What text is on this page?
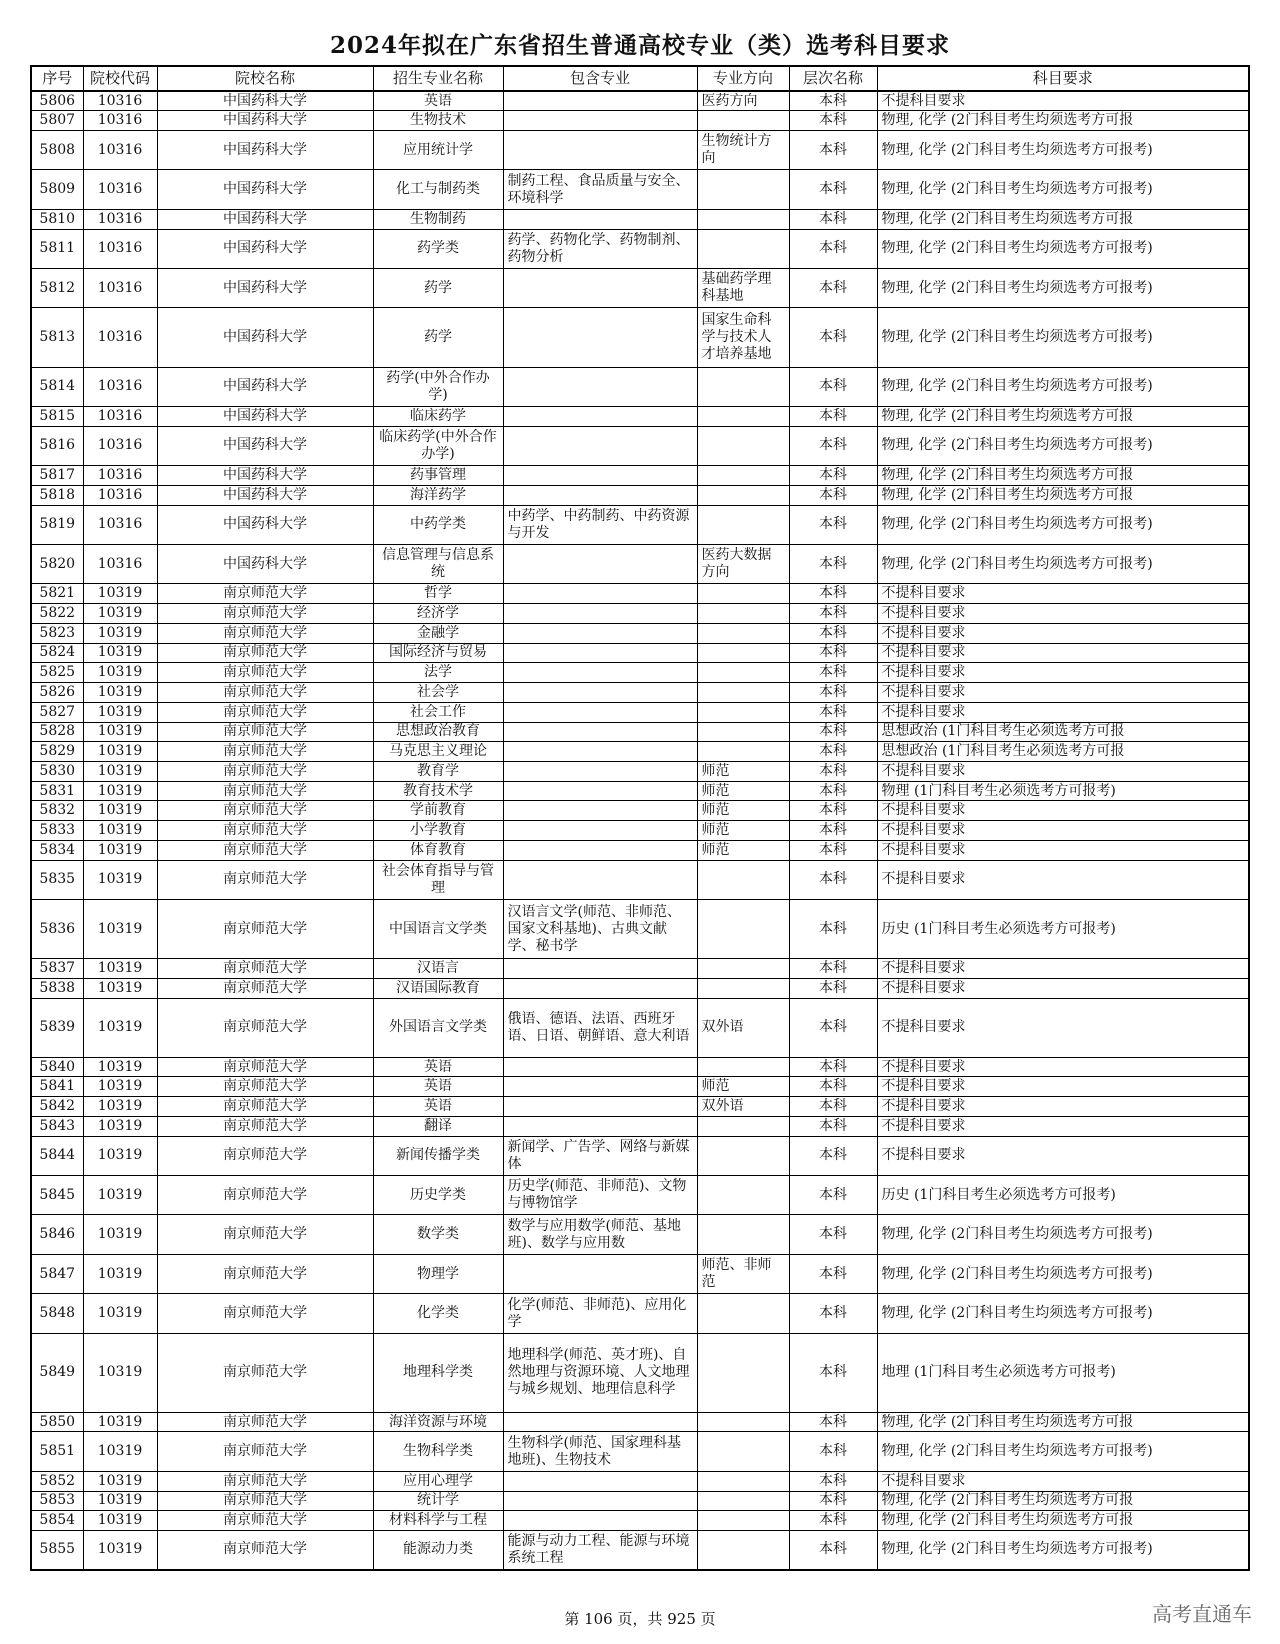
2024年拟在广东省招生普通高校专业（类）选考科目要求
序号	院校代码	院校名称	招生专业名称	包含专业	专业方向	层次名称	科目要求
5806	10316	中国药科大学	英语		医药方向	本科	不提科目要求
5807	10316	中国药科大学	生物技术			本科	物理, 化学 (2门科目考生均须选考方可报
5808	10316	中国药科大学	应用统计学		生物统计方向	本科	物理, 化学 (2门科目考生均须选考方可报考)
5809	10316	中国药科大学	化工与制药类	制药工程、食品质量与安全、环境科学		本科	物理, 化学 (2门科目考生均须选考方可报考)
5810	10316	中国药科大学	生物制药			本科	物理, 化学 (2门科目考生均须选考方可报
5811	10316	中国药科大学	药学类	药学、药物化学、药物制剂、药物分析		本科	物理, 化学 (2门科目考生均须选考方可报考)
5812	10316	中国药科大学	药学		基础药学理科基地	本科	物理, 化学 (2门科目考生均须选考方可报考)
5813	10316	中国药科大学	药学		国家生命科学与技术人才培养基地	本科	物理, 化学 (2门科目考生均须选考方可报考)
5814	10316	中国药科大学	药学(中外合作办学)			本科	物理, 化学 (2门科目考生均须选考方可报考)
5815	10316	中国药科大学	临床药学			本科	物理, 化学 (2门科目考生均须选考方可报
5816	10316	中国药科大学	临床药学(中外合作办学)			本科	物理, 化学 (2门科目考生均须选考方可报考)
5817	10316	中国药科大学	药事管理			本科	物理, 化学 (2门科目考生均须选考方可报
5818	10316	中国药科大学	海洋药学			本科	物理, 化学 (2门科目考生均须选考方可报
5819	10316	中国药科大学	中药学类	中药学、中药制药、中药资源与开发		本科	物理, 化学 (2门科目考生均须选考方可报考)
5820	10316	中国药科大学	信息管理与信息系统		医药大数据方向	本科	物理, 化学 (2门科目考生均须选考方可报考)
5821	10319	南京师范大学	哲学			本科	不提科目要求
5822	10319	南京师范大学	经济学			本科	不提科目要求
5823	10319	南京师范大学	金融学			本科	不提科目要求
5824	10319	南京师范大学	国际经济与贸易			本科	不提科目要求
5825	10319	南京师范大学	法学			本科	不提科目要求
5826	10319	南京师范大学	社会学			本科	不提科目要求
5827	10319	南京师范大学	社会工作			本科	不提科目要求
5828	10319	南京师范大学	思想政治教育			本科	思想政治 (1门科目考生必须选考方可报
5829	10319	南京师范大学	马克思主义理论			本科	思想政治 (1门科目考生必须选考方可报
5830	10319	南京师范大学	教育学		师范	本科	不提科目要求
5831	10319	南京师范大学	教育技术学		师范	本科	物理 (1门科目考生必须选考方可报考)
5832	10319	南京师范大学	学前教育		师范	本科	不提科目要求
5833	10319	南京师范大学	小学教育		师范	本科	不提科目要求
5834	10319	南京师范大学	体育教育		师范	本科	不提科目要求
5835	10319	南京师范大学	社会体育指导与管理			本科	不提科目要求
5836	10319	南京师范大学	中国语言文学类	汉语言文学(师范、非师范、国家文科基地)、古典文献学、秘书学		本科	历史 (1门科目考生必须选考方可报考)
5837	10319	南京师范大学	汉语言			本科	不提科目要求
5838	10319	南京师范大学	汉语国际教育			本科	不提科目要求
5839	10319	南京师范大学	外国语言文学类	俄语、德语、法语、西班牙语、日语、朝鲜语、意大利语	双外语	本科	不提科目要求
5840	10319	南京师范大学	英语			本科	不提科目要求
5841	10319	南京师范大学	英语		师范	本科	不提科目要求
5842	10319	南京师范大学	英语		双外语	本科	不提科目要求
5843	10319	南京师范大学	翻译			本科	不提科目要求
5844	10319	南京师范大学	新闻传播学类	新闻学、广告学、网络与新媒体		本科	不提科目要求
5845	10319	南京师范大学	历史学类	历史学(师范、非师范)、文物与博物馆学		本科	历史 (1门科目考生必须选考方可报考)
5846	10319	南京师范大学	数学类	数学与应用数学(师范、基地班)、数学与应用数		本科	物理, 化学 (2门科目考生均须选考方可报考)
5847	10319	南京师范大学	物理学		师范、非师范	本科	物理, 化学 (2门科目考生均须选考方可报考)
5848	10319	南京师范大学	化学类	化学(师范、非师范)、应用化学		本科	物理, 化学 (2门科目考生均须选考方可报考)
5849	10319	南京师范大学	地理科学类	地理科学(师范、英才班)、自然地理与资源环境、人文地理与城乡规划、地理信息科学		本科	地理 (1门科目考生必须选考方可报考)
5850	10319	南京师范大学	海洋资源与环境			本科	物理, 化学 (2门科目考生均须选考方可报
5851	10319	南京师范大学	生物科学类	生物科学(师范、国家理科基地班)、生物技术		本科	物理, 化学 (2门科目考生均须选考方可报考)
5852	10319	南京师范大学	应用心理学			本科	不提科目要求
5853	10319	南京师范大学	统计学			本科	物理, 化学 (2门科目考生均须选考方可报
5854	10319	南京师范大学	材料科学与工程			本科	物理, 化学 (2门科目考生均须选考方可报
5855	10319	南京师范大学	能源动力类	能源与动力工程、能源与环境系统工程		本科	物理, 化学 (2门科目考生均须选考方可报考)
第 106 页，共 925 页	高考直通车
